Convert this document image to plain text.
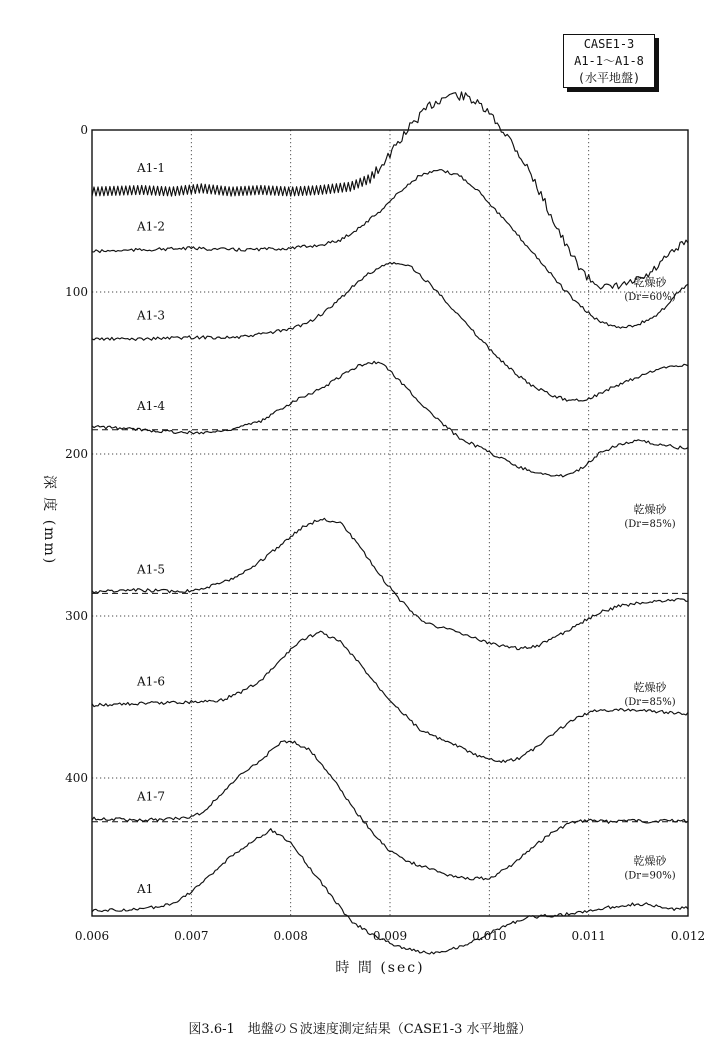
CASE1-3
A1-1～A1-8
(水平地盤)
A1-1
A1-2
A1-3
A1-4
A1-5
A1-6
A1-7
A1
乾燥砂
(Dr=60%)
乾燥砂
(Dr=85%)
乾燥砂
(Dr=85%)
乾燥砂
(Dr=90%)
0.006	0.007	0.008	0.009	0.010	0.011	0.012
0
100
200
300
400
時 間 (sec)
深 度 (mm)
図3.6-1　地盤のＳ波速度測定結果（CASE1-3 水平地盤）
